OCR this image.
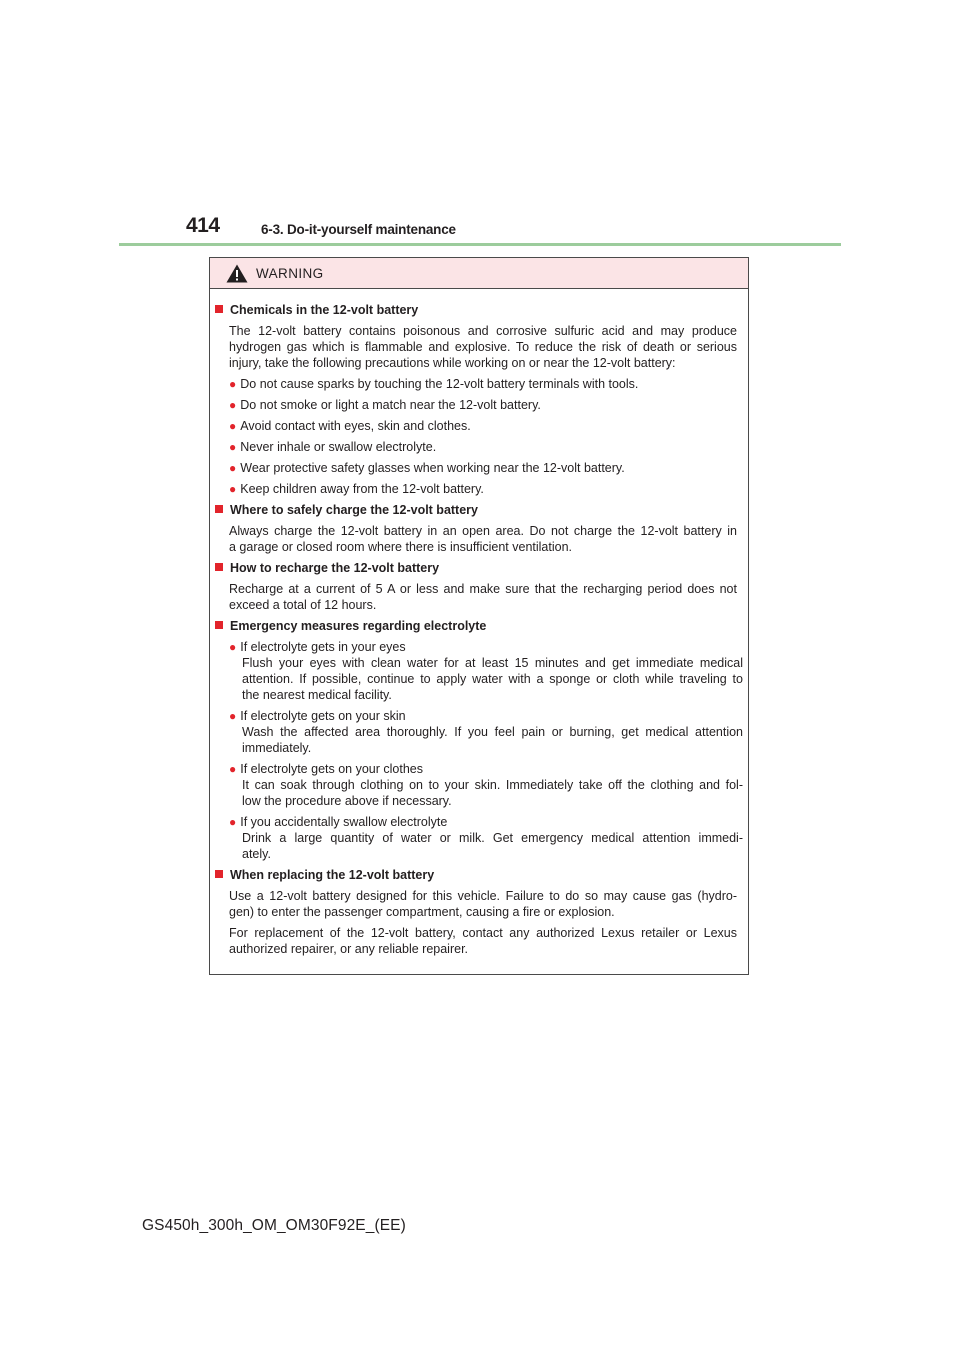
414	6-3. Do-it-yourself maintenance
WARNING
Chemicals in the 12-volt battery
The 12-volt battery contains poisonous and corrosive sulfuric acid and may produce
hydrogen gas which is flammable and explosive. To reduce the risk of death or serious
injury, take the following precautions while working on or near the 12-volt battery:
● Do not cause sparks by touching the 12-volt battery terminals with tools.
● Do not smoke or light a match near the 12-volt battery.
● Avoid contact with eyes, skin and clothes.
● Never inhale or swallow electrolyte.
● Wear protective safety glasses when working near the 12-volt battery.
● Keep children away from the 12-volt battery.
Where to safely charge the 12-volt battery
Always charge the 12-volt battery in an open area. Do not charge the 12-volt battery in
a garage or closed room where there is insufficient ventilation.
How to recharge the 12-volt battery
Recharge at a current of 5 A or less and make sure that the recharging period does not
exceed a total of 12 hours.
Emergency measures regarding electrolyte
● If electrolyte gets in your eyes
Flush your eyes with clean water for at least 15 minutes and get immediate medical
attention. If possible, continue to apply water with a sponge or cloth while traveling to
the nearest medical facility.
● If electrolyte gets on your skin
Wash the affected area thoroughly. If you feel pain or burning, get medical attention
immediately.
● If electrolyte gets on your clothes
It can soak through clothing on to your skin. Immediately take off the clothing and fol-
low the procedure above if necessary.
● If you accidentally swallow electrolyte
Drink a large quantity of water or milk. Get emergency medical attention immedi-
ately.
When replacing the 12-volt battery
Use a 12-volt battery designed for this vehicle. Failure to do so may cause gas (hydro-
gen) to enter the passenger compartment, causing a fire or explosion.
For replacement of the 12-volt battery, contact any authorized Lexus retailer or Lexus
authorized repairer, or any reliable repairer.
GS450h_300h_OM_OM30F92E_(EE)
